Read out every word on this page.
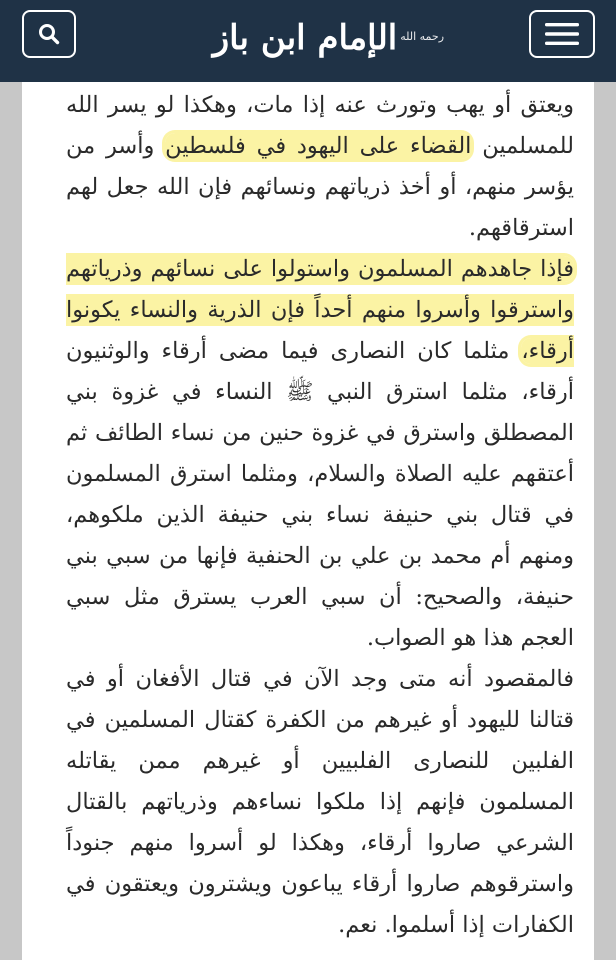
الإمام ابن باز رحمه الله

ويعتق أو يهب وتورث عنه إذا مات، وهكذا لو يسر الله للمسلمين القضاء على اليهود في فلسطين وأسر من يؤسر منهم، أو أخذ ذرياتهم ونسائهم فإن الله جعل لهم استرقاقهم.

فإذا جاهدهم المسلمون واستولوا على نسائهم وذرياتهم واسترقوا وأسروا منهم أحداً فإن الذرية والنساء يكونوا أرقاء، مثلما كان النصارى فيما مضى أرقاء والوثنيون أرقاء، مثلما استرق النبي ﷺ النساء في غزوة بني المصطلق واسترق في غزوة حنين من نساء الطائف ثم أعتقهم عليه الصلاة والسلام، ومثلما استرق المسلمون في قتال بني حنيفة نساء بني حنيفة الذين ملكوهم، ومنهم أم محمد بن علي بن الحنفية فإنها من سبي بني حنيفة، والصحيح: أن سبي العرب يسترق مثل سبي العجم هذا هو الصواب.

فالمقصود أنه متى وجد الآن في قتال الأفغان أو في قتالنا لليهود أو غيرهم من الكفرة كقتال المسلمين في الفلبين للنصارى الفلبيين أو غيرهم ممن يقاتله المسلمون فإنهم إذا ملكوا نساءهم وذرياتهم بالقتال الشرعي صاروا أرقاء، وهكذا لو أسروا منهم جنوداً واسترقوهم صاروا أرقاء يباعون ويشترون ويعتقون في الكفارات إذا أسلموا. نعم.
